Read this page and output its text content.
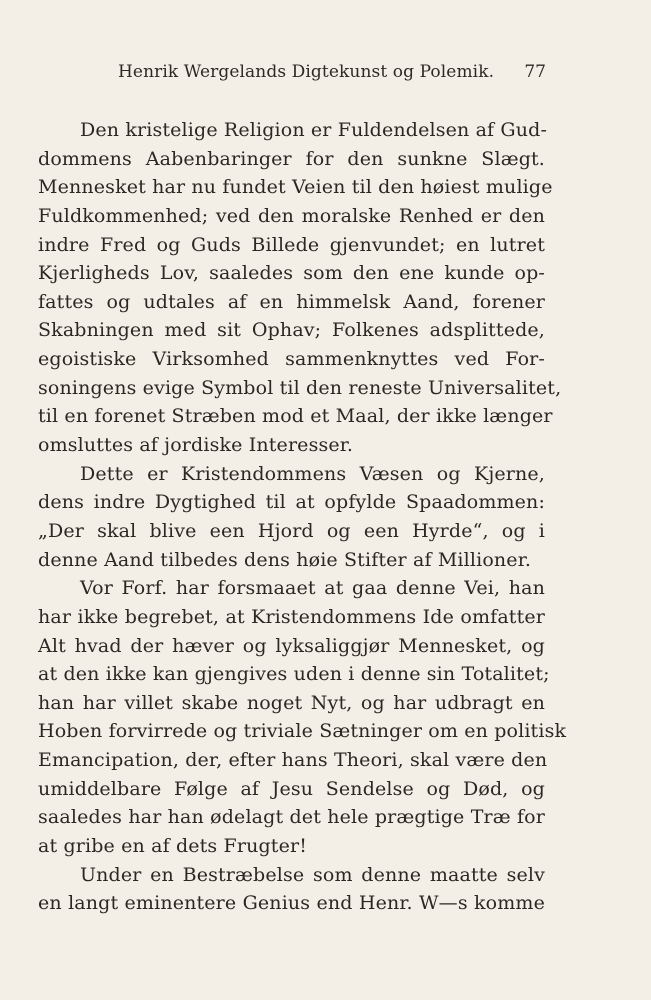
Henrik Wergelands Digtekunst og Polemik. 77
Den kristelige Religion er Fuldendelsen af Gud-
dommens Aabenbaringer for den sunkne Slægt.
Mennesket har nu fundet Veien til den høiest mulige
Fuldkommenhed; ved den moralske Renhed er den
indre Fred og Guds Billede gjenvundet; en lutret
Kjerligheds Lov, saaledes som den ene kunde op-
fattes og udtales af en himmelsk Aand, forener
Skabningen med sit Ophav; Folkenes adsplittede,
egoistiske Virksomhed sammenknyttes ved For-
soningens evige Symbol til den reneste Universalitet,
til en forenet Stræben mod et Maal, der ikke længer
omsluttes af jordiske Interesser.
Dette er Kristendommens Væsen og Kjerne,
dens indre Dygtighed til at opfylde Spaadommen:
„Der skal blive een Hjord og een Hyrde“, og i
denne Aand tilbedes dens høie Stifter af Millioner.
Vor Forf. har forsmaaet at gaa denne Vei, han
har ikke begrebet, at Kristendommens Ide omfatter
Alt hvad der hæver og lyksaliggjør Mennesket, og
at den ikke kan gjengives uden i denne sin Totalitet;
han har villet skabe noget Nyt, og har udbragt en
Hoben forvirrede og triviale Sætninger om en politisk
Emancipation, der, efter hans Theori, skal være den
umiddelbare Følge af Jesu Sendelse og Død, og
saaledes har han ødelagt det hele prægtige Træ for
at gribe en af dets Frugter!
Under en Bestræbelse som denne maatte selv
en langt eminentere Genius end Henr. W—s komme
